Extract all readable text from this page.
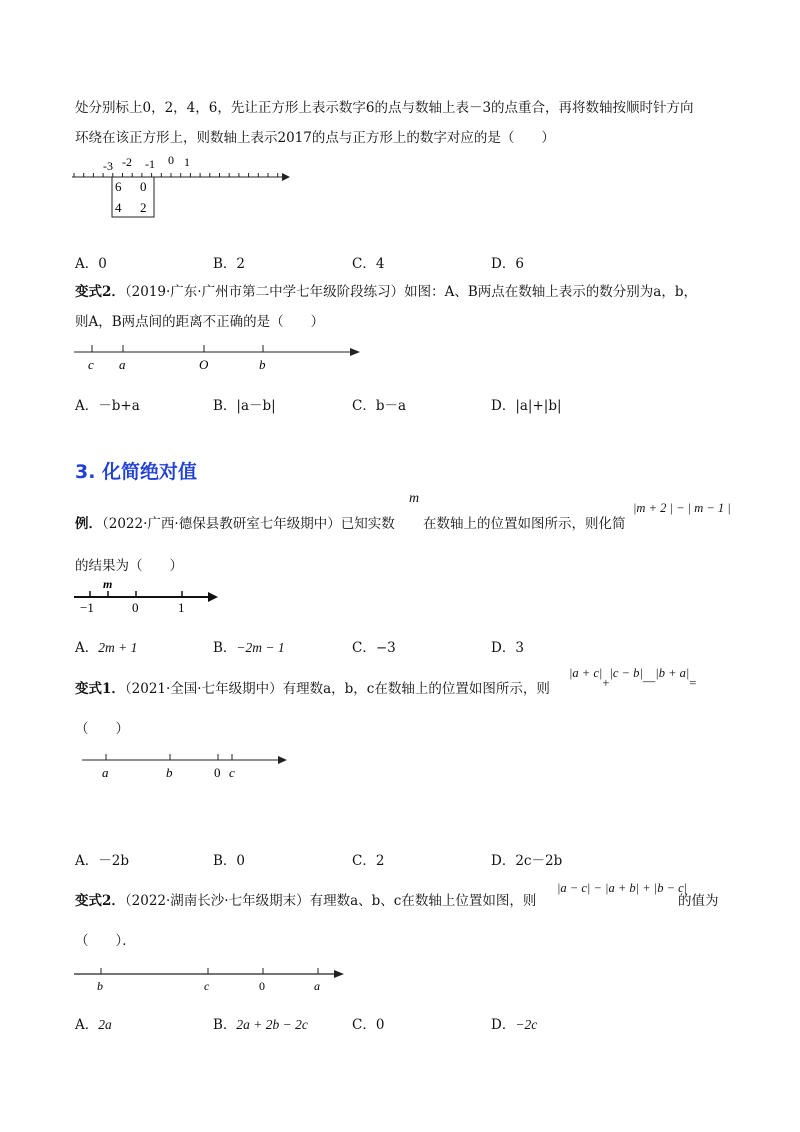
处分别标上0，2，4，6，先让正方形上表示数字6的点与数轴上表－3的点重合，再将数轴按顺时针方向
环绕在该正方形上，则数轴上表示2017的点与正方形上的数字对应的是（　　）
-3 -2 -1 0 1
6 0
4 2
A．0	B．2	C．4	D．6
变式2．（2019·广东·广州市第二中学七年级阶段练习）如图：A、B两点在数轴上表示的数分别为a，b，
则A，B两点间的距离不正确的是（　　）
c a	O	b
A．－b+a	B．|a－b|	C．b－a	D．|a|+|b|
3. 化简绝对值
例．（2022·广西·德保县教研室七年级期中）已知实数
m
在数轴上的位置如图所示，则化简
|m + 2 | − | m − 1 |
的结果为（　　）
m
−1	0	1
A．2m + 1	B．−2m − 1	C．−3	D．3
变式1．（2021·全国·七年级期中）有理数a，b，c在数轴上的位置如图所示，则
|a + c|+|c − b|—|b + a|=
（　　）
a	b	0 c
A．－2b	B．0	C．2	D．2c－2b
变式2．（2022·湖南长沙·七年级期末）有理数a、b、c在数轴上位置如图，则
|a − c| − |a + b| + |b − c|
的值为
（　　）．
b	c	0	a
A．2a	B．2a + 2b − 2c	C．0	D．−2c
